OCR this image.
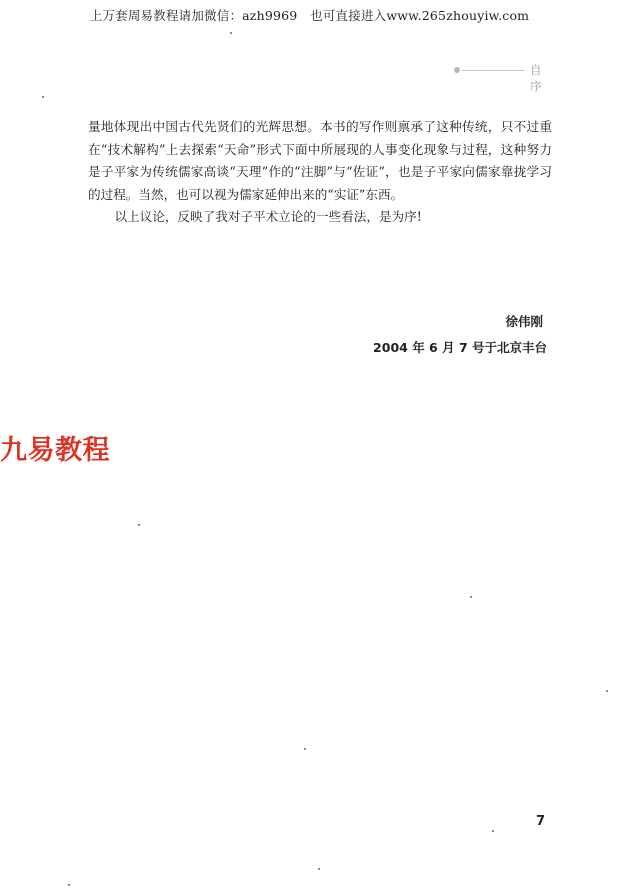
上万套周易教程请加微信：azh9969　也可直接进入www.265zhouyiw.com
自序

量地体现出中国古代先贤们的光辉思想。本书的写作则禀承了这种传统，只不过重在“技术解构”上去探索“天命”形式下面中所展现的人事变化现象与过程，这种努力是子平家为传统儒家高谈“天理”作的“注脚”与“佐证”，也是子平家向儒家靠拢学习的过程。当然，也可以视为儒家延伸出来的“实证”东西。

以上议论，反映了我对子平术立论的一些看法，是为序!

徐伟刚
2004 年 6 月 7 号于北京丰台
九易教程
7
